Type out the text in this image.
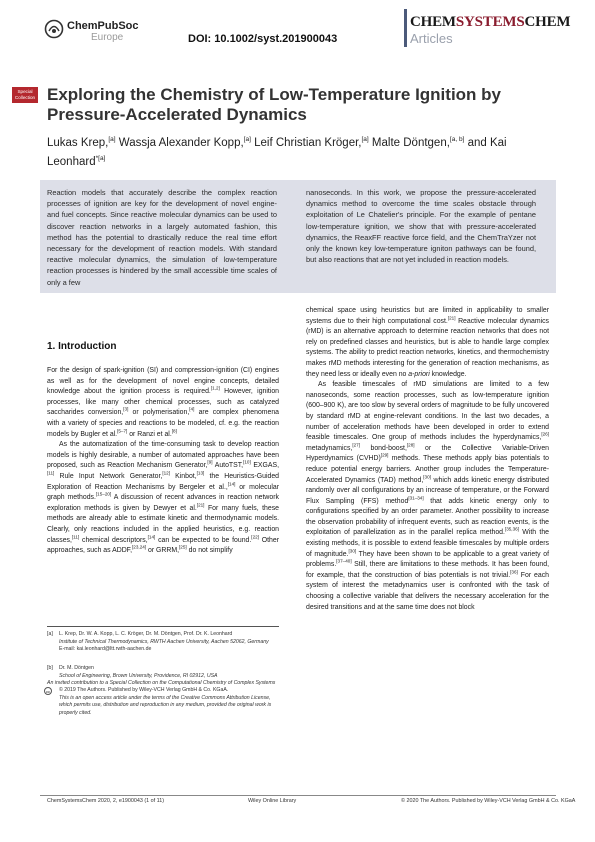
ChemPubSoc
Europe	DOI: 10.1002/syst.201900043
CHEMSYSTEMSCHEM
Articles
Special
Collection Exploring the Chemistry of Low-Temperature Ignition by Pressure-Accelerated Dynamics
Lukas Krep,[a] Wassja Alexander Kopp,[a] Leif Christian Kröger,[a] Malte Döntgen,[a, b] and Kai Leonhard$^{*[a]}$
Reaction models that accurately describe the complex reaction processes of ignition are key for the development of novel engine- and fuel concepts. Since reactive molecular dynamics can be used to discover reaction networks in a largely automated fashion, this method has the potential to drastically reduce the real time effort necessary for the development of reaction models. With standard reactive molecular dynamics, the simulation of low-temperature reaction processes is hindered by the small accessible time scales of only a few
nanoseconds. In this work, we propose the pressure-accelerated dynamics method to overcome the time scales obstacle through exploitation of Le Chatelier's principle. For the example of pentane low-temperature ignition, we show that with pressure-accelerated dynamics, the ReaxFF reactive force field, and the ChemTraYzer not only the known key low-temperature igniton pathways can be found, but also reactions that are not yet included in reaction models.
1. Introduction

For the design of spark-ignition (SI) and compression-ignition (CI) engines as well as for the development of novel engine concepts, detailed knowledge about the ignition process is required.[1,2] However, ignition processes, like many other chemical processes, such as catalyzed saccharides conversion,[3] or polymerisation,[4] are complex phenomena with a variety of species and reactions to be modeled, cf. e.g. the reaction models by Bugler et al.[5–7] or Ranzi et al.[8]

As the automatization of the time-consuming task to develop reaction models is highly desirable, a number of automated approaches have been proposed, such as Reaction Mechanism Generator,[9] AutoTST,[10] EXGAS,[11] Rule Input Network Generator,[12] Kinbot,[13] the Heuristics-Guided Exploration of Reaction Mechanisms by Bergeler et al.,[14] or molecular graph methods.[15–20] A discussion of recent advances in reaction network exploration methods is given by Dewyer et al.[21] For many fuels, these methods are already able to estimate kinetic and thermodynamic models. Clearly, only reactions included in the applied heuristics, e.g. reaction classes,[11] chemical descriptors,[14] can be expected to be found.[22] Other approaches, such as ADDF,[23,24] or GRRM,[25] do not simplify

chemical space using heuristics but are limited in applicability to smaller systems due to their high computational cost.[21] Reactive molecular dynamics (rMD) is an alternative approach to determine reaction networks that does not rely on predefined classes and heuristics, but is able to handle large complex systems. The ability to predict reaction networks, kinetics, and thermochemistry makes rMD methods interesting for the generation of reaction mechanisms, as they need less or ideally even no a-priori knowledge.

As feasible timescales of rMD simulations are limited to a few nanoseconds, some reaction processes, such as low-temperature ignition (600–900 K), are too slow by several orders of magnitude to be fully uncovered by standard rMD at engine-relevant conditions. In the last two decades, a number of acceleration methods have been developed in order to extend feasible timescales. One group of methods includes the hyperdynamics,[26] metadynamics,[27] bond-boost,[28] or the Collective Variable-Driven Hyperdynamics (CVHD)[29] methods. These methods apply bias potentials to reduce potential energy barriers. Another group includes the Temperature-Accelerated Dynamics (TAD) method,[30] which adds kinetic energy distributed randomly over all configurations by an increase of temperature, or the Forward Flux Sampling (FFS) method[31–34] that adds kinetic energy only to configurations specified by an order parameter. Another possibility to increase the observation probability of infrequent events, such as reaction events, is the exploitation of parallelization as in the parallel replica method.[35,36] With the existing methods, it is possible to extend feasible timescales by multiple orders of magnitude.[30] They have been shown to be applicable to a great variety of problems.[37–40] Still, there are limitations to these methods. It has been found, for example, that the construction of bias potentials is not trivial.[36] For each system of interest the metadynamics user is confronted with the task of choosing a collective variable that delivers the necessary acceleration for the desired transitions and at the same time does not block

[a] L. Krep, Dr. W. A. Kopp, L. C. Kröger, Dr. M. Döntgen, Prof. Dr. K. Leonhard
Institute of Technical Thermodynamics, RWTH Aachen University, Aachen 52062, Germany
E-mail: kai.leonhard@ltt.rwth-aachen.de
[b] Dr. M. Döntgen
School of Engineering, Brown University, Providence, RI 02912, USA
An invited contribution to a Special Collection on the Computational Chemistry of Complex Systems
cc	© 2019 The Authors. Published by Wiley-VCH Verlag GmbH & Co. KGaA.
This is an open access article under the terms of the Creative Commons Attribution License, which permits use, distribution and reproduction in any medium, provided the original work is properly cited.
ChemSystemsChem 2020, 2, e1900043 (1 of 11)	Wiley Online Library	© 2020 The Authors. Published by Wiley-VCH Verlag GmbH & Co. KGaA
